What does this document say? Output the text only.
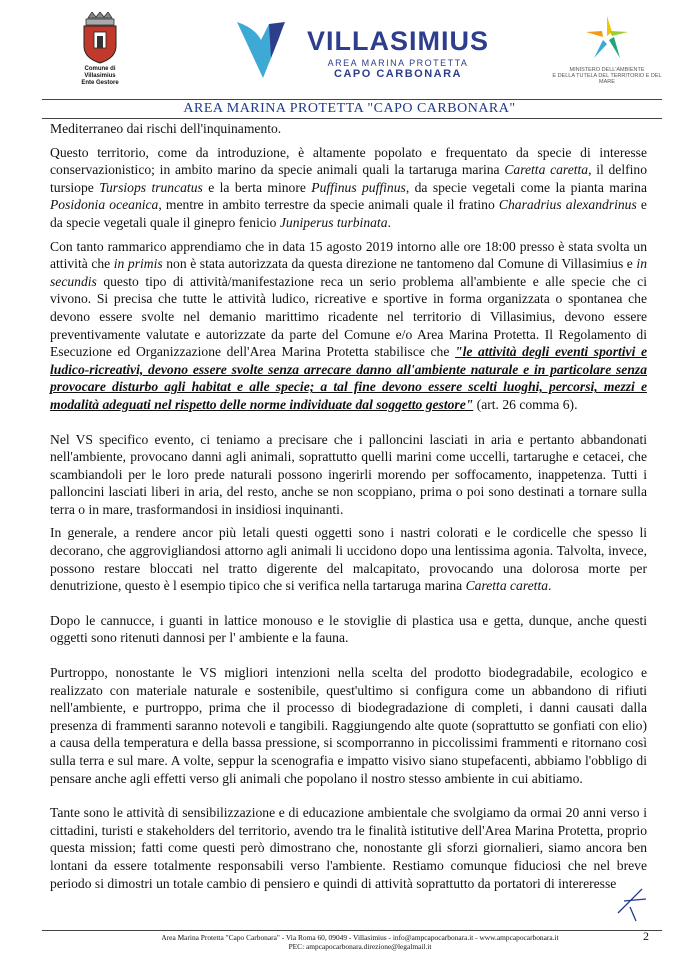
Comune di Villasimius
Ente Gestore
VILLASIMIUS
AREA MARINA PROTETTA
CAPO CARBONARA	MINISTERO DELL'AMBIENTE
E DELLA TUTELA DEL TERRITORIO E DEL MARE
AREA MARINA PROTETTA "CAPO CARBONARA"

Mediterraneo dai rischi dell'inquinamento.

Questo territorio, come da introduzione, è altamente popolato e frequentato da specie di interesse conservazionistico; in ambito marino da specie animali quali la tartaruga marina Caretta caretta, il delfino tursiope Tursiops truncatus e la berta minore Puffinus puffinus, da specie vegetali come la pianta marina Posidonia oceanica, mentre in ambito terrestre da specie animali quale il fratino Charadrius alexandrinus e da specie vegetali quale il ginepro fenicio Juniperus turbinata.

Con tanto rammarico apprendiamo che in data 15 agosto 2019 intorno alle ore 18:00 presso è stata svolta un attività che in primis non è stata autorizzata da questa direzione ne tantomeno dal Comune di Villasimius e in secundis questo tipo di attività/manifestazione reca un serio problema all'ambiente e alle specie che ci vivono. Si precisa che tutte le attività ludico, ricreative e sportive in forma organizzata o spontanea che devono essere svolte nel demanio marittimo ricadente nel territorio di Villasimius, devono essere preventivamente valutate e autorizzate da parte del Comune e/o Area Marina Protetta. Il Regolamento di Esecuzione ed Organizzazione dell'Area Marina Protetta stabilisce che "le attività degli eventi sportivi e ludico-ricreativi, devono essere svolte senza arrecare danno all'ambiente naturale e in particolare senza provocare disturbo agli habitat e alle specie; a tal fine devono essere scelti luoghi, percorsi, mezzi e modalità adeguati nel rispetto delle norme individuate dal soggetto gestore" (art. 26 comma 6).

Nel VS specifico evento, ci teniamo a precisare che i palloncini lasciati in aria e pertanto abbandonati nell'ambiente, provocano danni agli animali, soprattutto quelli marini come uccelli, tartarughe e cetacei, che scambiandoli per le loro prede naturali possono ingerirli morendo per soffocamento, inappetenza. Tutti i palloncini lasciati liberi in aria, del resto, anche se non scoppiano, prima o poi sono destinati a tornare sulla terra o in mare, trasformandosi in insidiosi inquinanti.

In generale, a rendere ancor più letali questi oggetti sono i nastri colorati e le cordicelle che spesso li decorano, che aggrovigliandosi attorno agli animali li uccidono dopo una lentissima agonia. Talvolta, invece, possono restare bloccati nel tratto digerente del malcapitato, provocando una dolorosa morte per denutrizione, questo è l esempio tipico che si verifica nella tartaruga marina Caretta caretta.

Dopo le cannucce, i guanti in lattice monouso e le stoviglie di plastica usa e getta, dunque, anche questi oggetti sono ritenuti dannosi per l' ambiente e la fauna.

Purtroppo, nonostante le VS migliori intenzioni nella scelta del prodotto biodegradabile, ecologico e realizzato con materiale naturale e sostenibile, quest'ultimo si configura come un abbandono di rifiuti nell'ambiente, e purtroppo, prima che il processo di biodegradazione di completi, i danni causati dalla presenza di frammenti saranno notevoli e tangibili. Raggiungendo alte quote (soprattutto se gonfiati con elio) a causa della temperatura e della bassa pressione, si scomporranno in piccolissimi frammenti e ritornano così sulla terra e sul mare. A volte, seppur la scenografia e impatto visivo siano stupefacenti, abbiamo l'obbligo di pensare anche agli effetti verso gli animali che popolano il nostro stesso ambiente in cui abitiamo.

Tante sono le attività di sensibilizzazione e di educazione ambientale che svolgiamo da ormai 20 anni verso i cittadini, turisti e stakeholders del territorio, avendo tra le finalità istitutive dell'Area Marina Protetta, proprio questa mission; fatti come questi però dimostrano che, nonostante gli sforzi giornalieri, siamo ancora ben lontani da essere totalmente responsabili verso l'ambiente. Restiamo comunque fiduciosi che nel breve periodo si dimostri un totale cambio di pensiero e quindi di attività soprattutto da portatori di intereresse

Area Marina Protetta "Capo Carbonara" - Via Roma 60, 09049 - Villasimius - info@ampcapocarbonara.it - www.ampcapocarbonara.it
PEC: ampcapocarbonara.direzione@legalmail.it
2
